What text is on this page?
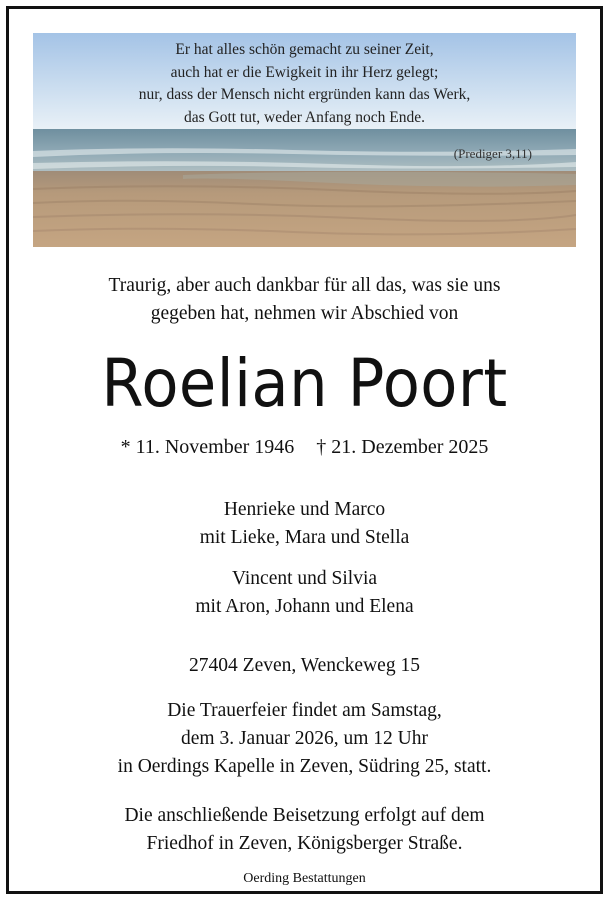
Er hat alles schön gemacht zu seiner Zeit,
auch hat er die Ewigkeit in ihr Herz gelegt;
nur, dass der Mensch nicht ergründen kann das Werk,
das Gott tut, weder Anfang noch Ende.
(Prediger 3,11)
Traurig, aber auch dankbar für all das, was sie uns
gegeben hat, nehmen wir Abschied von
Roelian Poort
* 11. November 1946 † 21. Dezember 2025
Henrieke und Marco
mit Lieke, Mara und Stella
Vincent und Silvia
mit Aron, Johann und Elena
27404 Zeven, Wenckeweg 15
Die Trauerfeier findet am Samstag,
dem 3. Januar 2026, um 12 Uhr
in Oerdings Kapelle in Zeven, Südring 25, statt.
Die anschließende Beisetzung erfolgt auf dem
Friedhof in Zeven, Königsberger Straße.
Oerding Bestattungen
